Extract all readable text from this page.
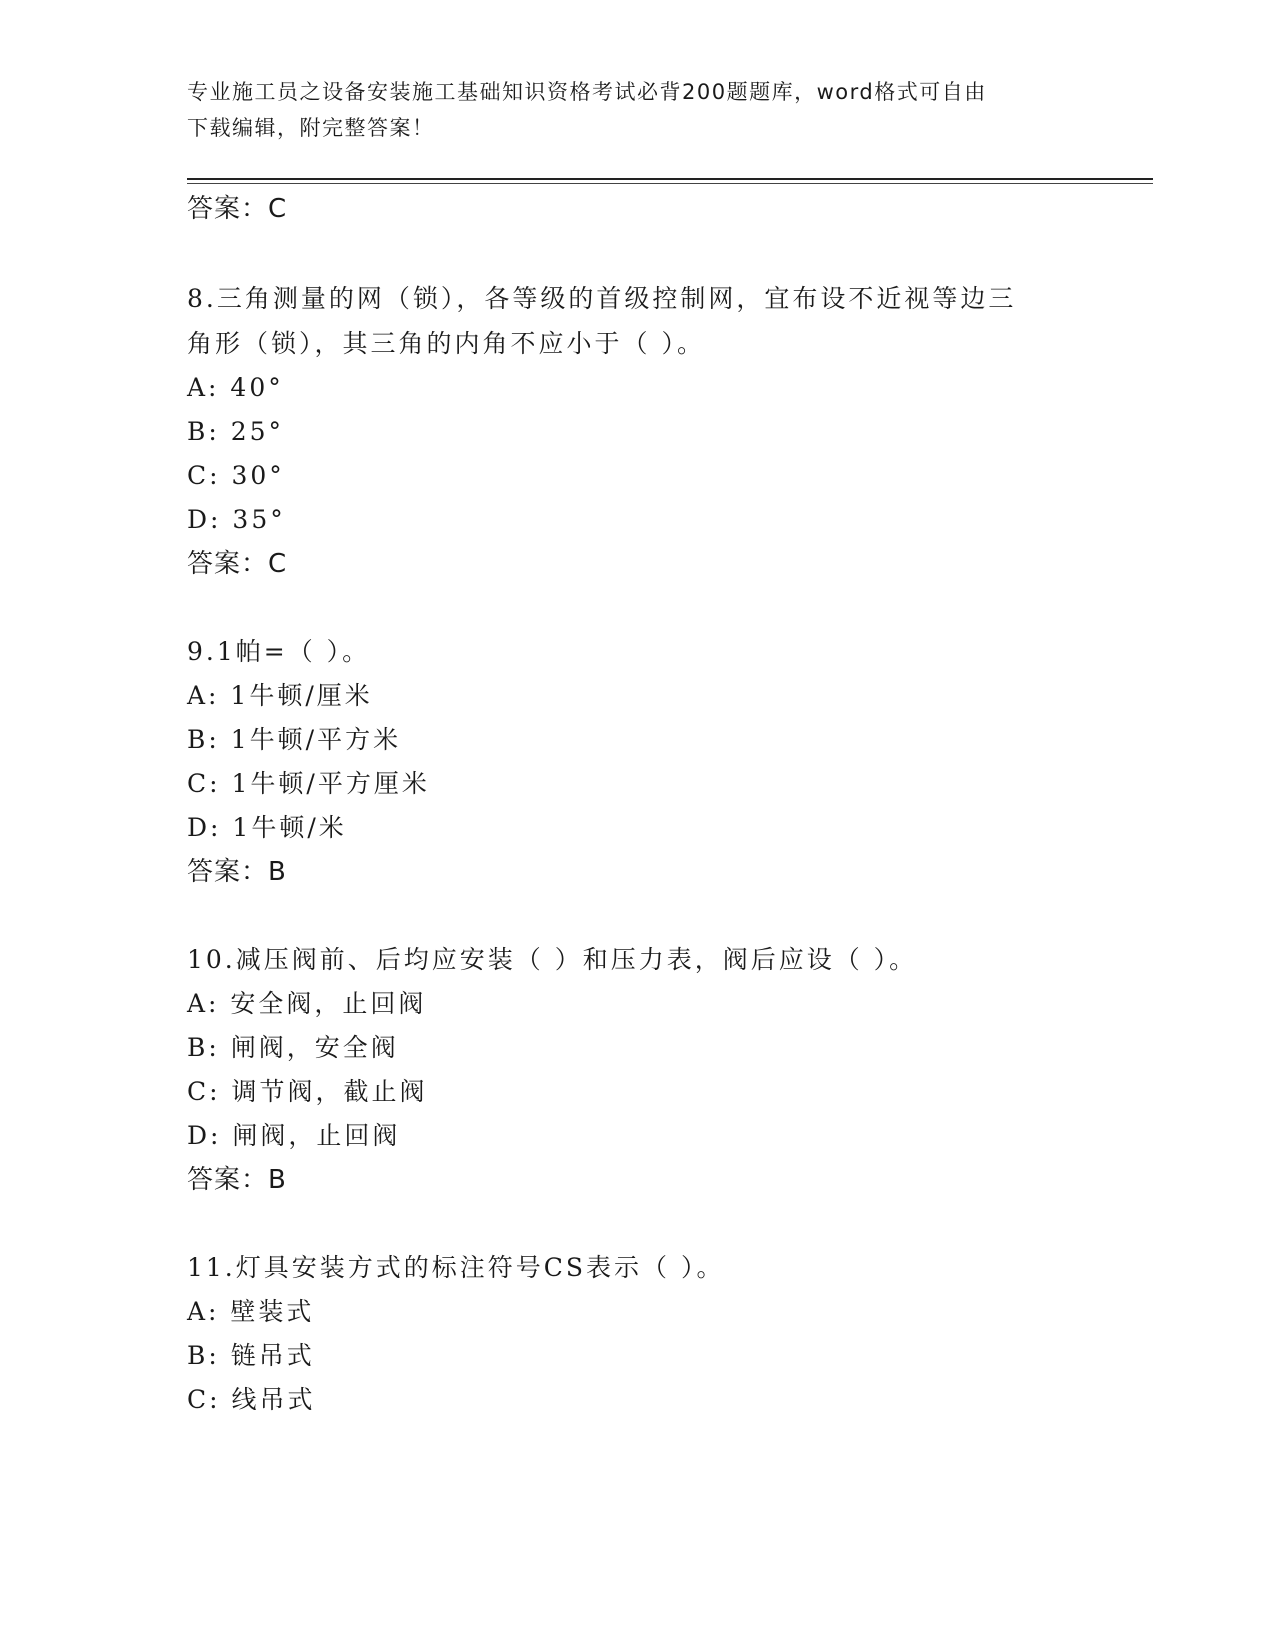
专业施工员之设备安装施工基础知识资格考试必背200题题库，word格式可自由
下载编辑，附完整答案！
答案：C
8.三角测量的网（锁），各等级的首级控制网，宜布设不近视等边三
角形（锁），其三角的内角不应小于（ ）。
A: 40°
B: 25°
C: 30°
D: 35°
答案：C
9.1帕=（ ）。
A: 1牛顿/厘米
B: 1牛顿/平方米
C: 1牛顿/平方厘米
D: 1牛顿/米
答案：B
10.减压阀前、后均应安装（ ）和压力表，阀后应设（ ）。
A: 安全阀，止回阀
B: 闸阀，安全阀
C: 调节阀，截止阀
D: 闸阀，止回阀
答案：B
11.灯具安装方式的标注符号CS表示（ ）。
A: 壁装式
B: 链吊式
C: 线吊式
